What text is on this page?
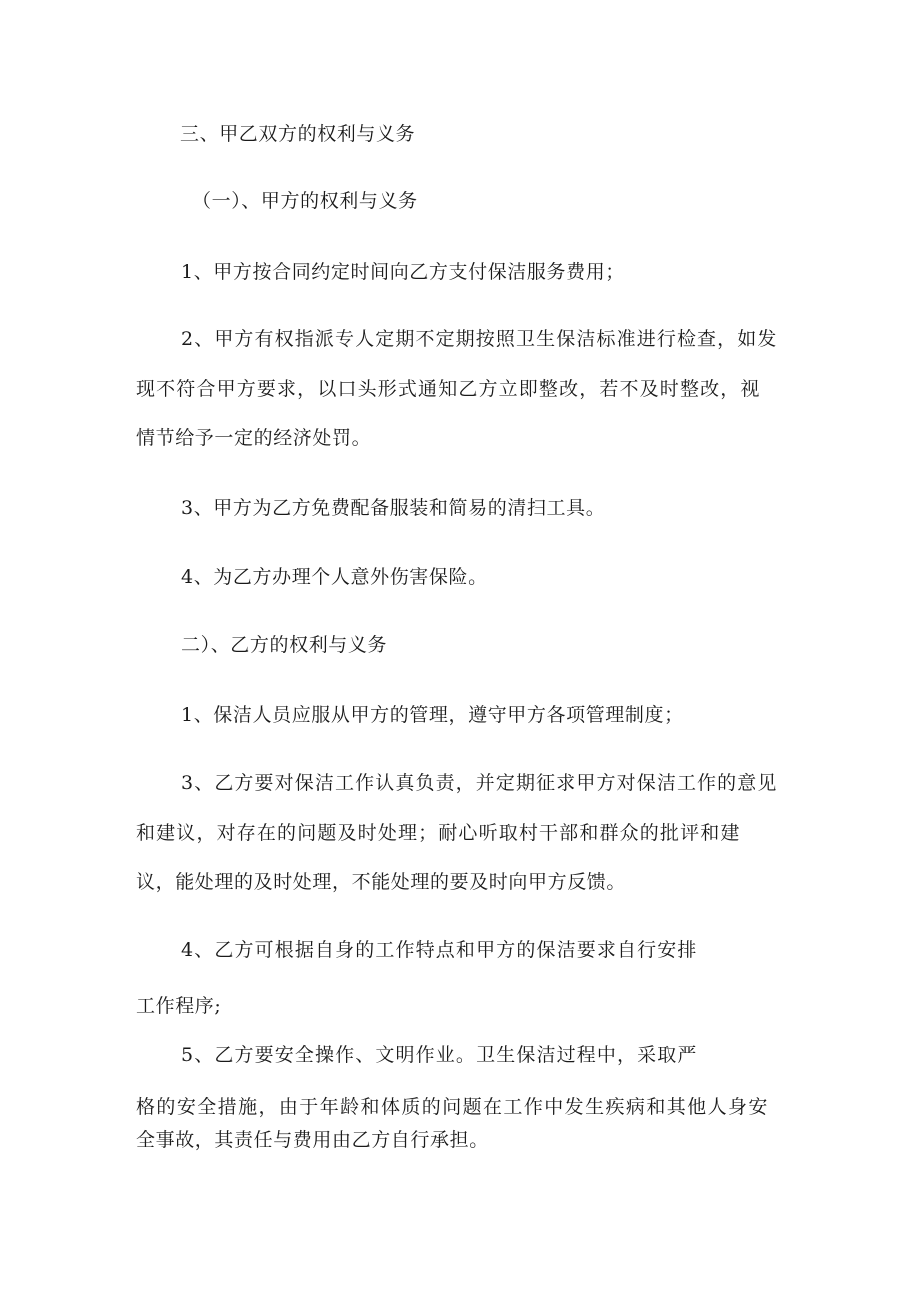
三、甲乙双方的权利与义务
（一）、甲方的权利与义务
1、甲方按合同约定时间向乙方支付保洁服务费用；
2、甲方有权指派专人定期不定期按照卫生保洁标准进行检查，如发
现不符合甲方要求，以口头形式通知乙方立即整改，若不及时整改，视
情节给予一定的经济处罚。
3、甲方为乙方免费配备服装和简易的清扫工具。
4、为乙方办理个人意外伤害保险。
二）、乙方的权利与义务
1、保洁人员应服从甲方的管理，遵守甲方各项管理制度；
3、乙方要对保洁工作认真负责，并定期征求甲方对保洁工作的意见
和建议，对存在的问题及时处理；耐心听取村干部和群众的批评和建
议，能处理的及时处理，不能处理的要及时向甲方反馈。
4、乙方可根据自身的工作特点和甲方的保洁要求自行安排
工作程序;
5、乙方要安全操作、文明作业。卫生保洁过程中，采取严
格的安全措施，由于年龄和体质的问题在工作中发生疾病和其他人身安
全事故，其责任与费用由乙方自行承担。
